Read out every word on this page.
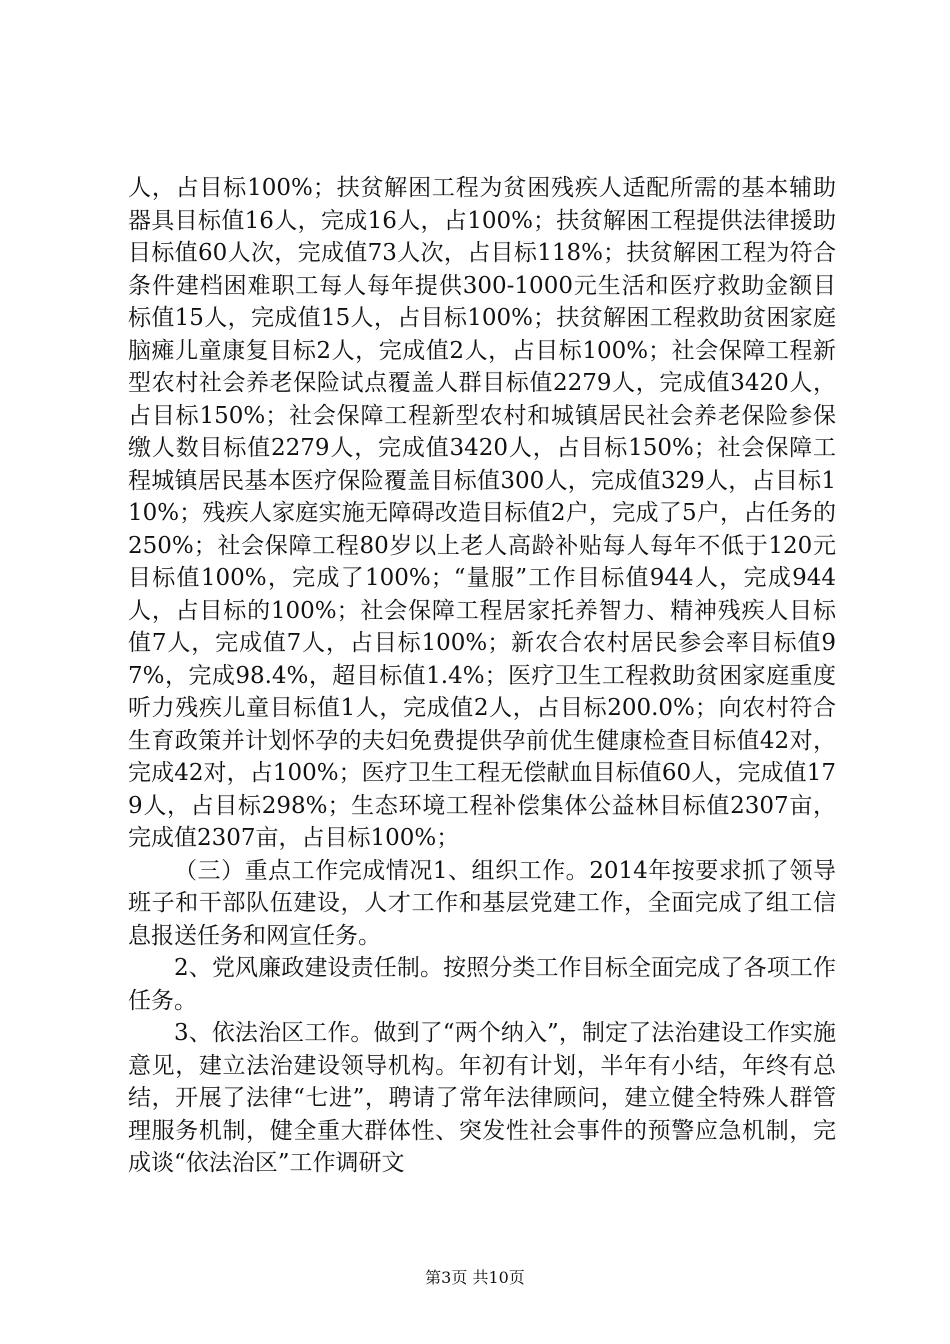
人，占目标100%；扶贫解困工程为贫困残疾人适配所需的基本辅助器具目标值16人，完成16人，占100%；扶贫解困工程提供法律援助目标值60人次，完成值73人次，占目标118%；扶贫解困工程为符合条件建档困难职工每人每年提供300-1000元生活和医疗救助金额目标值15人，完成值15人，占目标100%；扶贫解困工程救助贫困家庭脑瘫儿童康复目标2人，完成值2人，占目标100%；社会保障工程新型农村社会养老保险试点覆盖人群目标值2279人，完成值3420人，占目标150%；社会保障工程新型农村和城镇居民社会养老保险参保缴人数目标值2279人，完成值3420人，占目标150%；社会保障工程城镇居民基本医疗保险覆盖目标值300人，完成值329人，占目标110%；残疾人家庭实施无障碍改造目标值2户，完成了5户，占任务的250%；社会保障工程80岁以上老人高龄补贴每人每年不低于120元目标值100%，完成了100%；“量服”工作目标值944人，完成944人，占目标的100%；社会保障工程居家托养智力、精神残疾人目标值7人，完成值7人，占目标100%；新农合农村居民参会率目标值97%，完成98.4%，超目标值1.4%；医疗卫生工程救助贫困家庭重度听力残疾儿童目标值1人，完成值2人，占目标200.0%；向农村符合生育政策并计划怀孕的夫妇免费提供孕前优生健康检查目标值42对，完成42对，占100%；医疗卫生工程无偿献血目标值60人，完成值179人，占目标298%；生态环境工程补偿集体公益林目标值2307亩，完成值2307亩，占目标100%；

（三）重点工作完成情况1、组织工作。2014年按要求抓了领导班子和干部队伍建设，人才工作和基层党建工作，全面完成了组工信息报送任务和网宣任务。

2、党风廉政建设责任制。按照分类工作目标全面完成了各项工作任务。

3、依法治区工作。做到了“两个纳入”，制定了法治建设工作实施意见，建立法治建设领导机构。年初有计划，半年有小结，年终有总结，开展了法律“七进”，聘请了常年法律顾问，建立健全特殊人群管理服务机制，健全重大群体性、突发性社会事件的预警应急机制，完成谈“依法治区”工作调研文

第3页 共10页
